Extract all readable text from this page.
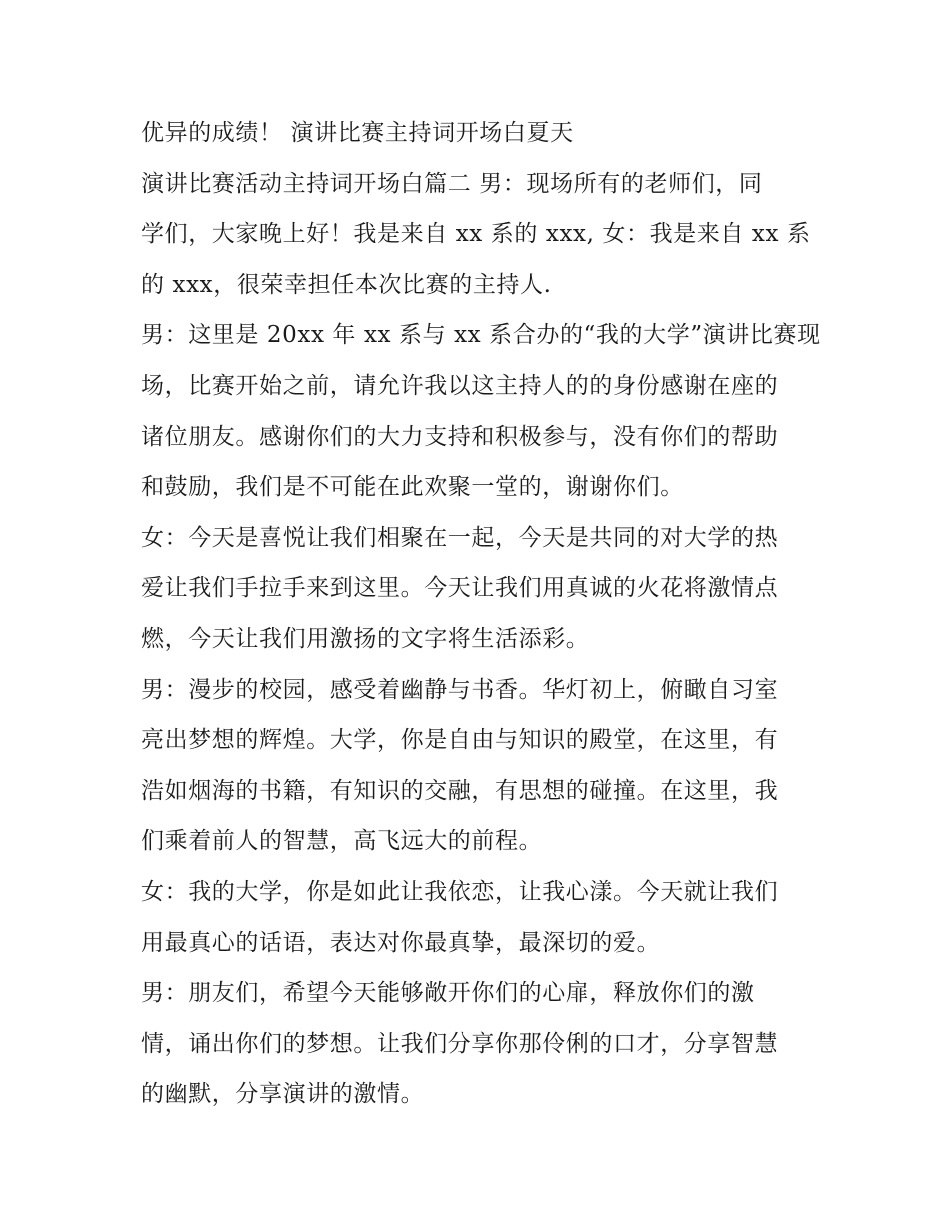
优异的成绩！ 演讲比赛主持词开场白夏天
演讲比赛活动主持词开场白篇二 男：现场所有的老师们，同
学们，大家晚上好！我是来自 xx 系的 xxx, 女：我是来自 xx 系
的 xxx，很荣幸担任本次比赛的主持人.
男：这里是 20xx 年 xx 系与 xx 系合办的“我的大学”演讲比赛现
场，比赛开始之前，请允许我以这主持人的的身份感谢在座的
诸位朋友。感谢你们的大力支持和积极参与，没有你们的帮助
和鼓励，我们是不可能在此欢聚一堂的，谢谢你们。
女：今天是喜悦让我们相聚在一起，今天是共同的对大学的热
爱让我们手拉手来到这里。今天让我们用真诚的火花将激情点
燃，今天让我们用激扬的文字将生活添彩。
男：漫步的校园，感受着幽静与书香。华灯初上，俯瞰自习室
亮出梦想的辉煌。大学，你是自由与知识的殿堂，在这里，有
浩如烟海的书籍，有知识的交融，有思想的碰撞。在这里，我
们乘着前人的智慧，高飞远大的前程。
女：我的大学，你是如此让我依恋，让我心漾。今天就让我们
用最真心的话语，表达对你最真挚，最深切的爱。
男：朋友们，希望今天能够敞开你们的心扉，释放你们的激
情，诵出你们的梦想。让我们分享你那伶俐的口才，分享智慧
的幽默，分享演讲的激情。
